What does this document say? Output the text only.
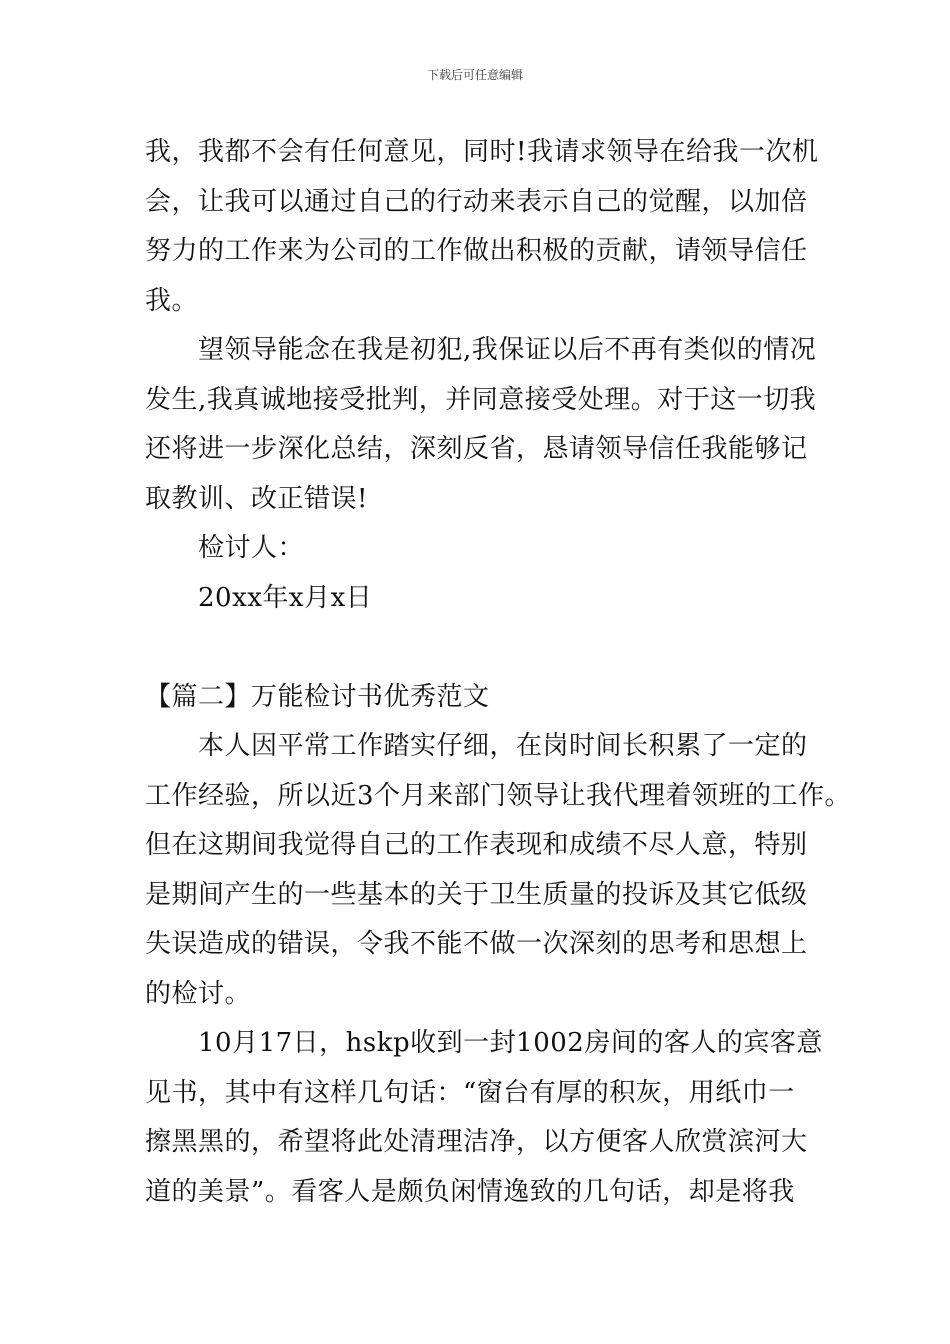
下载后可任意编辑
我，我都不会有任何意见，同时!我请求领导在给我一次机
会，让我可以通过自己的行动来表示自己的觉醒，以加倍
努力的工作来为公司的工作做出积极的贡献，请领导信任
我。
望领导能念在我是初犯,我保证以后不再有类似的情况
发生,我真诚地接受批判，并同意接受处理。对于这一切我
还将进一步深化总结，深刻反省，恳请领导信任我能够记
取教训、改正错误!
检讨人：
20xx年x月x日
【篇二】万能检讨书优秀范文
本人因平常工作踏实仔细，在岗时间长积累了一定的
工作经验，所以近3个月来部门领导让我代理着领班的工作。
但在这期间我觉得自己的工作表现和成绩不尽人意，特别
是期间产生的一些基本的关于卫生质量的投诉及其它低级
失误造成的错误，令我不能不做一次深刻的思考和思想上
的检讨。
10月17日，hskp收到一封1002房间的客人的宾客意
见书，其中有这样几句话：“窗台有厚的积灰，用纸巾一
擦黑黑的，希望将此处清理洁净，以方便客人欣赏滨河大
道的美景”。看客人是颇负闲情逸致的几句话，却是将我
